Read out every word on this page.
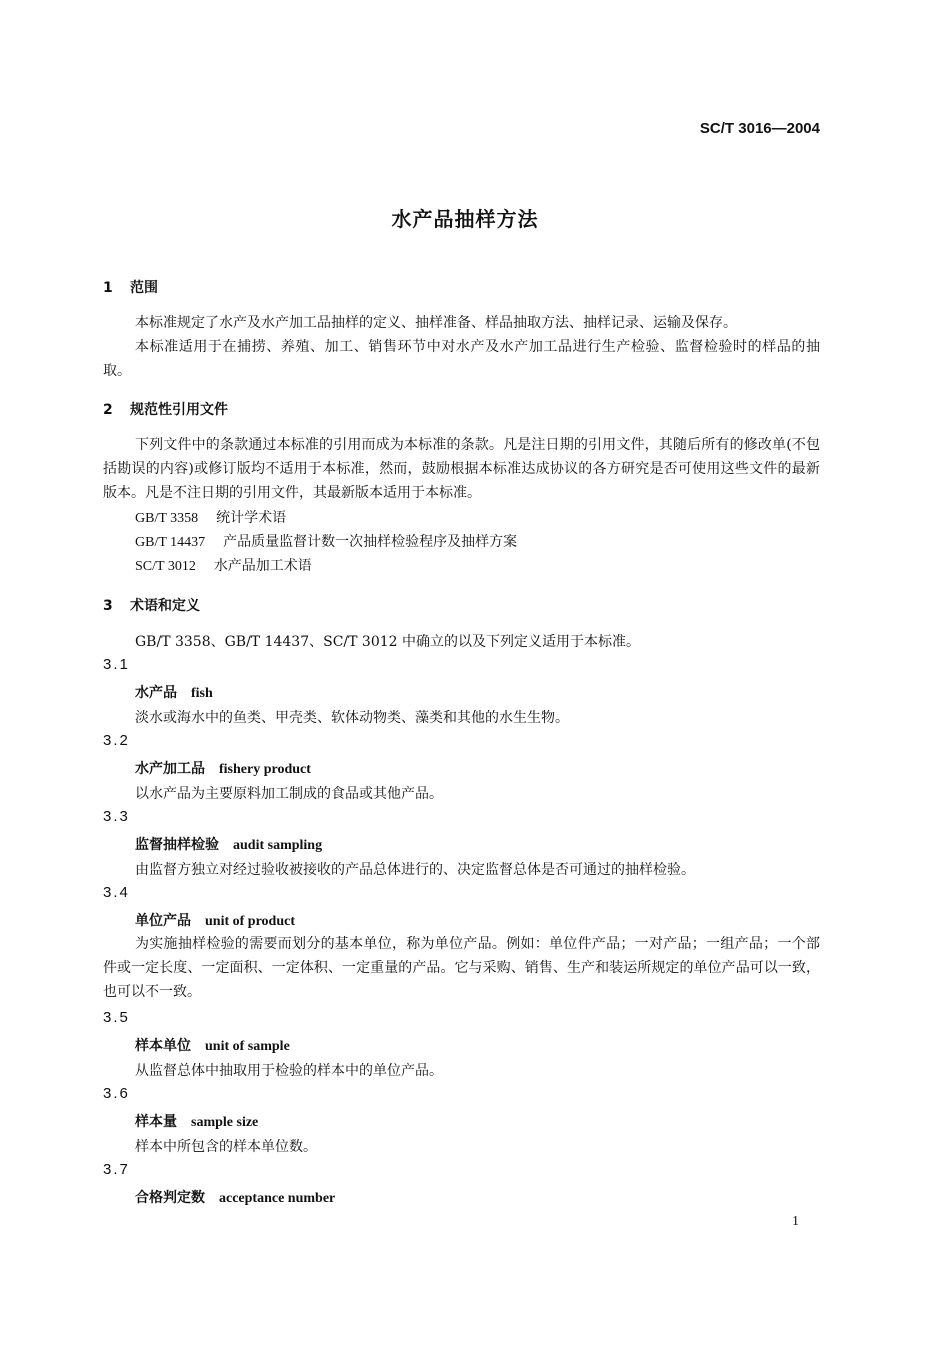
SC/T 3016—2004
水产品抽样方法
1 范围
本标准规定了水产及水产加工品抽样的定义、抽样准备、样品抽取方法、抽样记录、运输及保存。
本标准适用于在捕捞、养殖、加工、销售环节中对水产及水产加工品进行生产检验、监督检验时的样品的抽取。
2 规范性引用文件
下列文件中的条款通过本标准的引用而成为本标准的条款。凡是注日期的引用文件，其随后所有的修改单(不包括勘误的内容)或修订版均不适用于本标准，然而，鼓励根据本标准达成协议的各方研究是否可使用这些文件的最新版本。凡是不注日期的引用文件，其最新版本适用于本标准。
GB/T 3358 统计学术语
GB/T 14437 产品质量监督计数一次抽样检验程序及抽样方案
SC/T 3012 水产品加工术语
3 术语和定义
GB/T 3358、GB/T 14437、SC/T 3012 中确立的以及下列定义适用于本标准。
3.1
水产品 fish
淡水或海水中的鱼类、甲壳类、软体动物类、藻类和其他的水生生物。
3.2
水产加工品 fishery product
以水产品为主要原料加工制成的食品或其他产品。
3.3
监督抽样检验 audit sampling
由监督方独立对经过验收被接收的产品总体进行的、决定监督总体是否可通过的抽样检验。
3.4
单位产品 unit of product
为实施抽样检验的需要而划分的基本单位，称为单位产品。例如：单位件产品；一对产品；一组产品；一个部件或一定长度、一定面积、一定体积、一定重量的产品。它与采购、销售、生产和装运所规定的单位产品可以一致，也可以不一致。
3.5
样本单位 unit of sample
从监督总体中抽取用于检验的样本中的单位产品。
3.6
样本量 sample size
样本中所包含的样本单位数。
3.7
合格判定数 acceptance number
1
